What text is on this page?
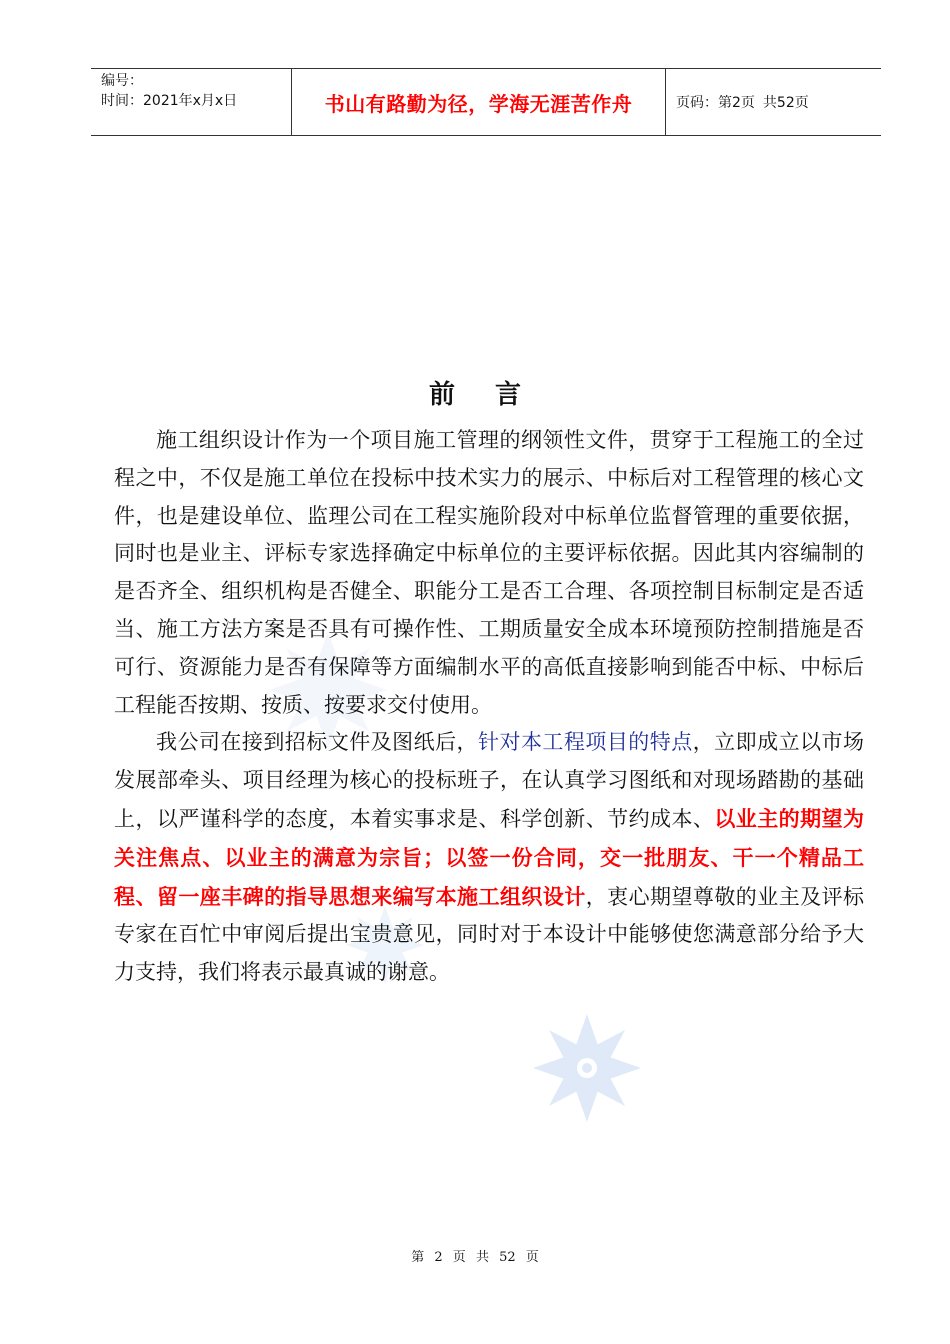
编号：
时间：2021年x月x日	书山有路勤为径，学海无涯苦作舟	页码：第2页 共52页
前言

施工组织设计作为一个项目施工管理的纲领性文件，贯穿于工程施工的全过程之中，不仅是施工单位在投标中技术实力的展示、中标后对工程管理的核心文件，也是建设单位、监理公司在工程实施阶段对中标单位监督管理的重要依据，同时也是业主、评标专家选择确定中标单位的主要评标依据。因此其内容编制的是否齐全、组织机构是否健全、职能分工是否工合理、各项控制目标制定是否适当、施工方法方案是否具有可操作性、工期质量安全成本环境预防控制措施是否可行、资源能力是否有保障等方面编制水平的高低直接影响到能否中标、中标后工程能否按期、按质、按要求交付使用。

我公司在接到招标文件及图纸后，针对本工程项目的特点，立即成立以市场发展部牵头、项目经理为核心的投标班子，在认真学习图纸和对现场踏勘的基础上，以严谨科学的态度，本着实事求是、科学创新、节约成本、以业主的期望为关注焦点、以业主的满意为宗旨；以签一份合同，交一批朋友、干一个精品工程、留一座丰碑的指导思想来编写本施工组织设计，衷心期望尊敬的业主及评标专家在百忙中审阅后提出宝贵意见，同时对于本设计中能够使您满意部分给予大力支持，我们将表示最真诚的谢意。

第 2 页 共 52 页
